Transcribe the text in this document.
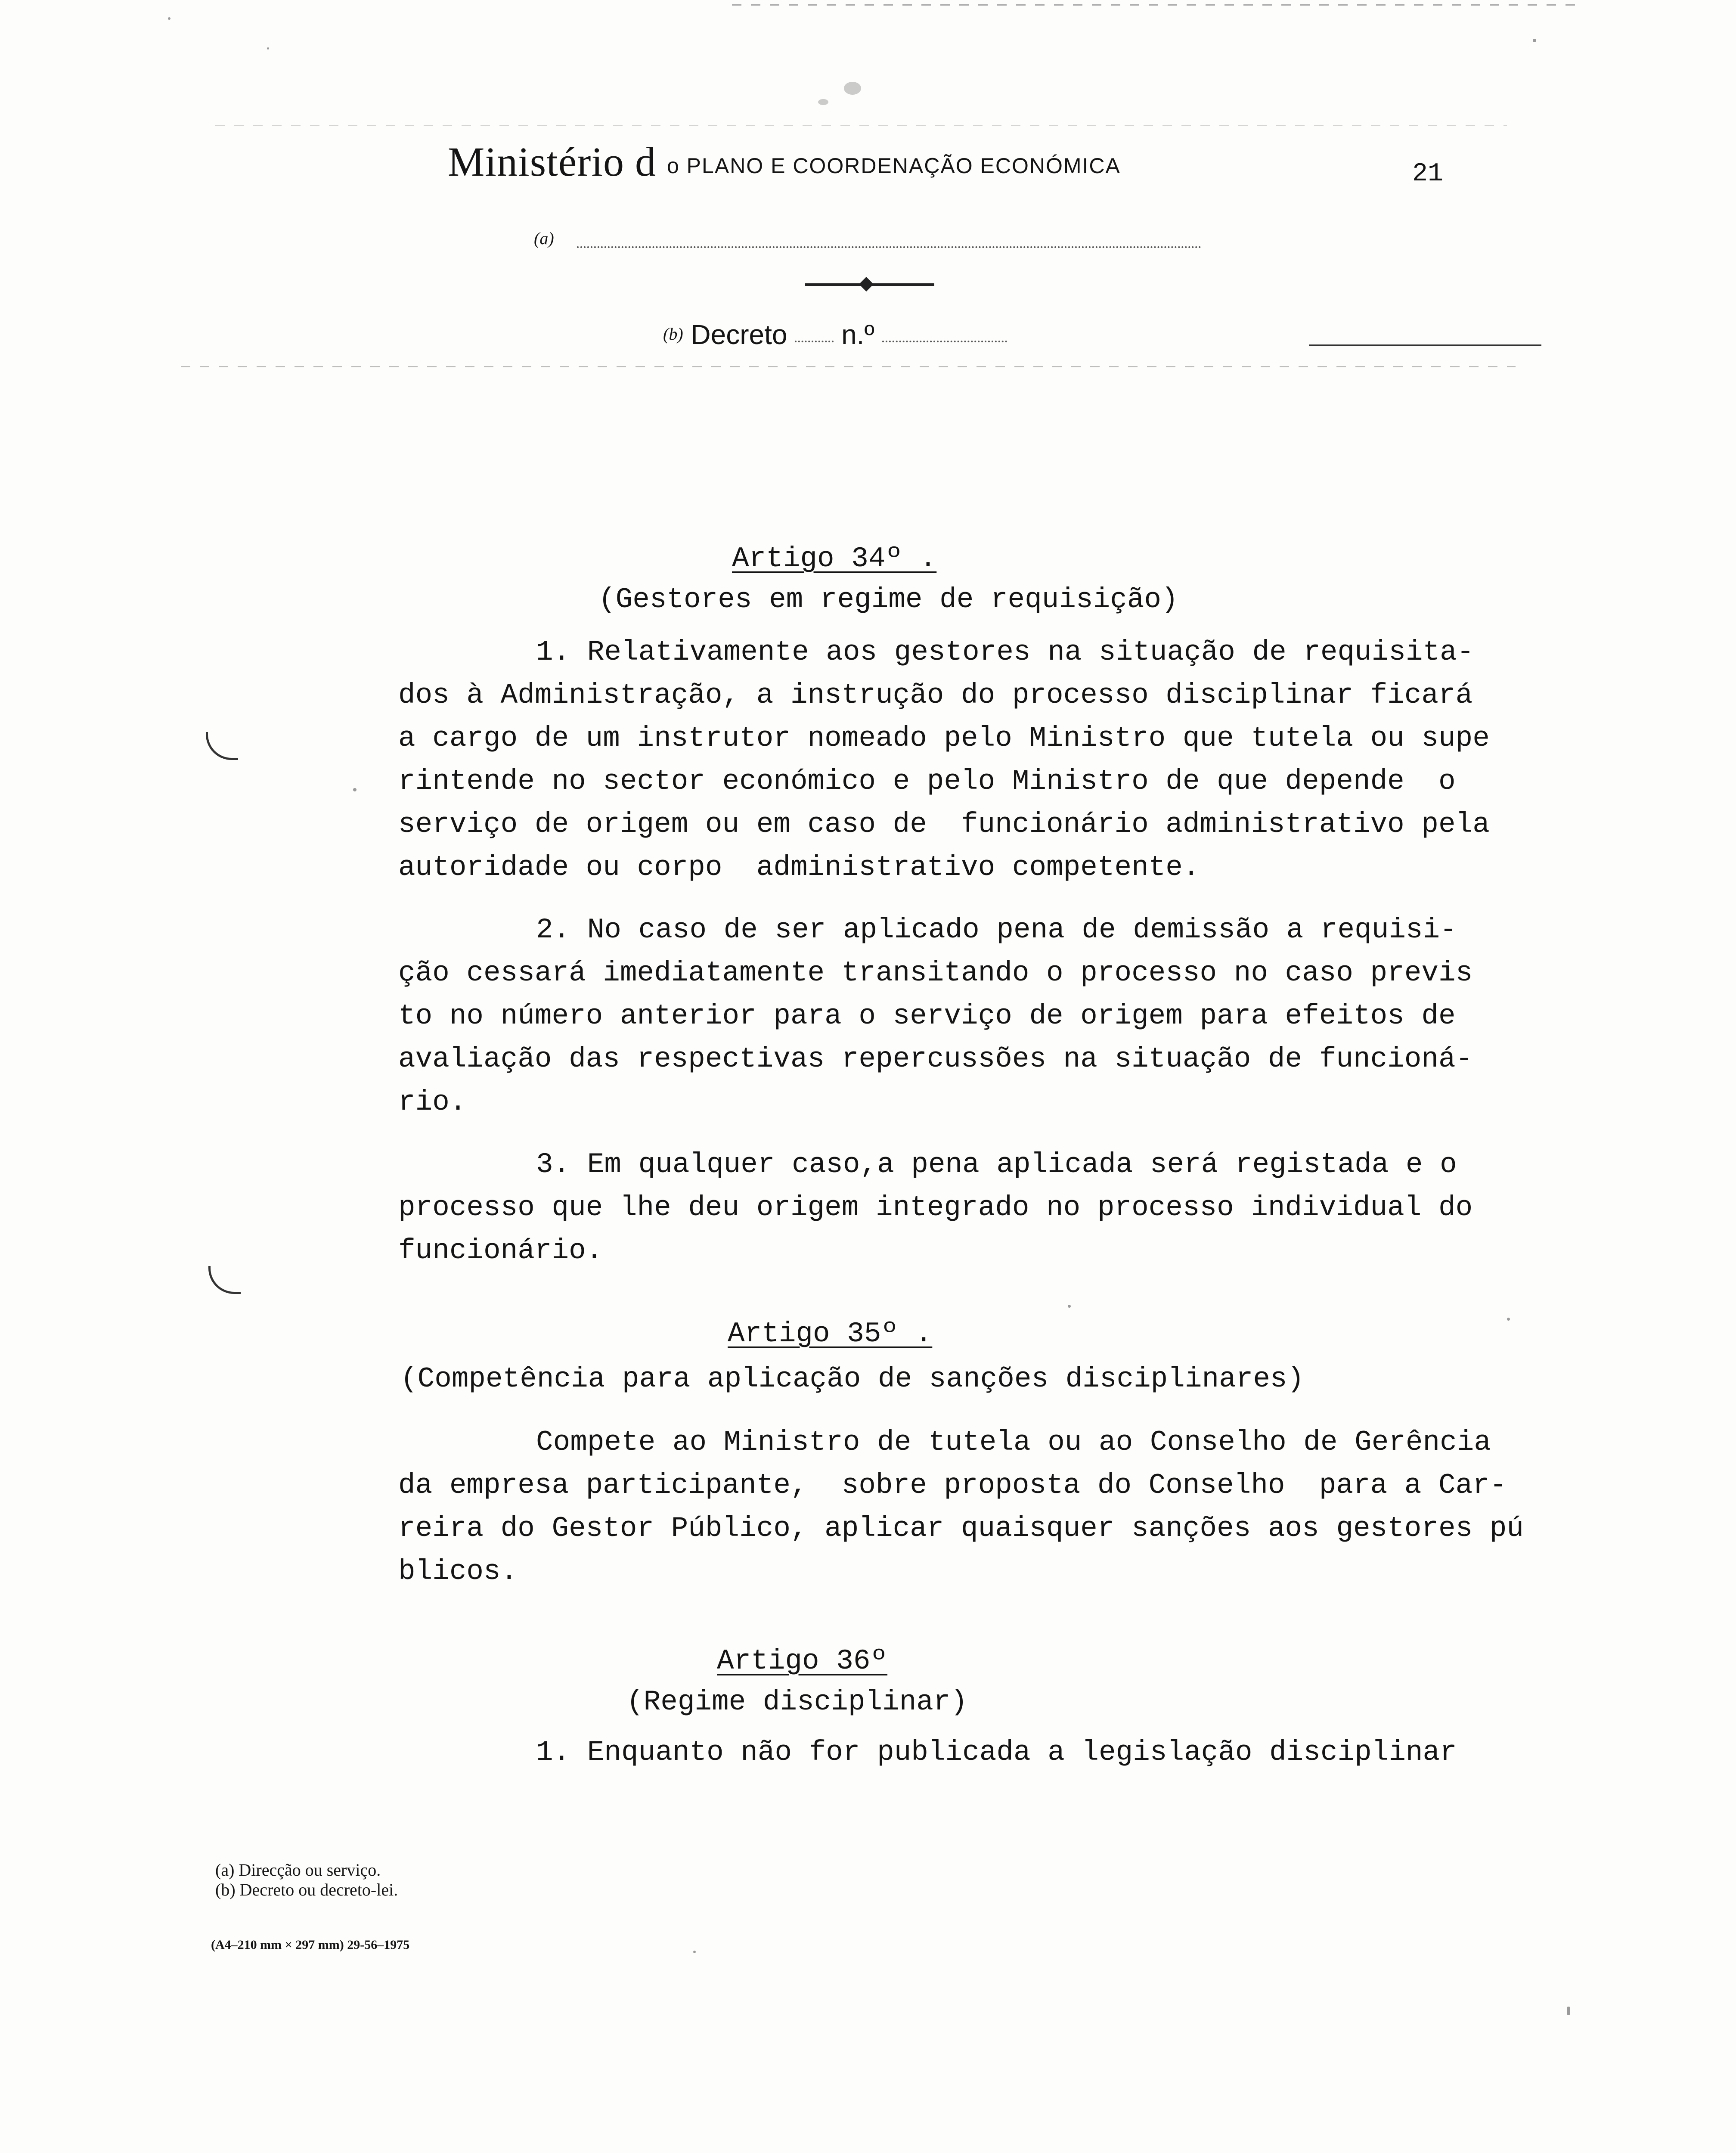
Ministério d o PLANO E COORDENAÇÃO ECONÓMICA	21
(a)
(b) Decreto n.º
Artigo 34º .
(Gestores em regime de requisição)
1. Relativamente aos gestores na situação de requisita-
dos à Administração, a instrução do processo disciplinar ficará
a cargo de um instrutor nomeado pelo Ministro que tutela ou supe
rintende no sector económico e pelo Ministro de que depende  o
serviço de origem ou em caso de  funcionário administrativo pela
autoridade ou corpo  administrativo competente.
2. No caso de ser aplicado pena de demissão a requisi-
ção cessará imediatamente transitando o processo no caso previs
to no número anterior para o serviço de origem para efeitos de
avaliação das respectivas repercussões na situação de funcioná-
rio.
3. Em qualquer caso,a pena aplicada será registada e o
processo que lhe deu origem integrado no processo individual do
funcionário.
Artigo 35º .
(Competência para aplicação de sanções disciplinares)
Compete ao Ministro de tutela ou ao Conselho de Gerência
da empresa participante,  sobre proposta do Conselho  para a Car-
reira do Gestor Público, aplicar quaisquer sanções aos gestores pú
blicos.
Artigo 36º
(Regime disciplinar)
1. Enquanto não for publicada a legislação disciplinar
(a) Direcção ou serviço.
(b) Decreto ou decreto-lei.
(A4–210 mm × 297 mm) 29-56–1975
